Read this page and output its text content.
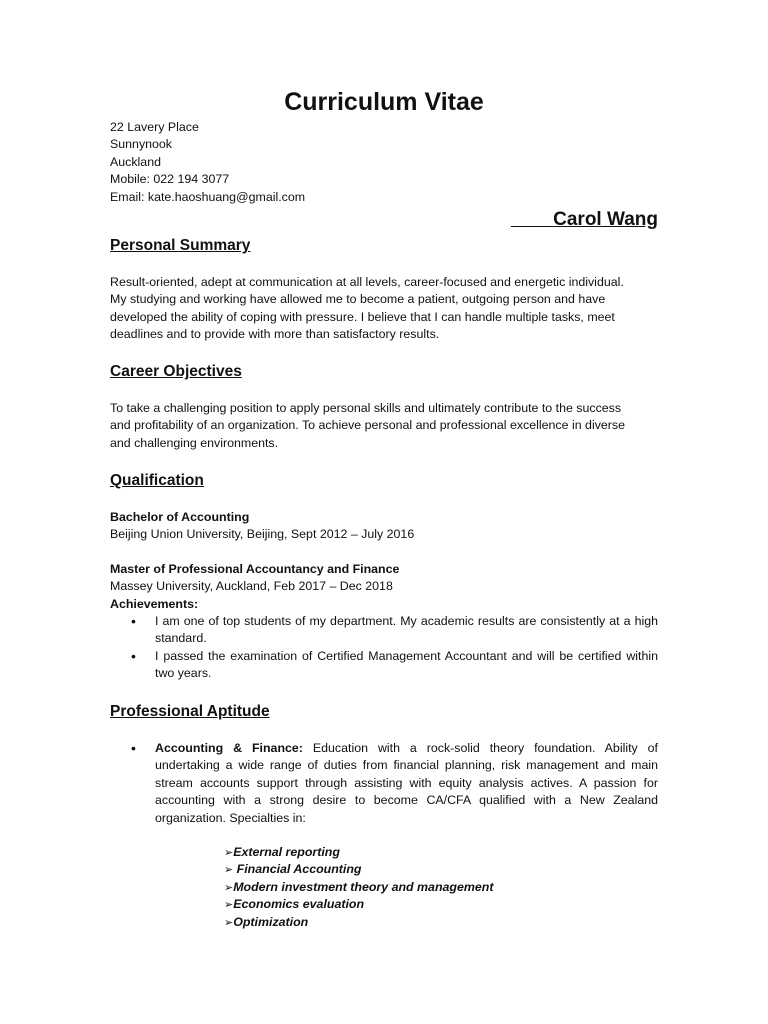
Curriculum Vitae
22 Lavery Place
Sunnynook
Auckland
Mobile: 022 194 3077
Email: kate.haoshuang@gmail.com
Carol Wang
Personal Summary
Result-oriented, adept at communication at all levels, career-focused and energetic individual.
My studying and working have allowed me to become a patient, outgoing person and have
developed the ability of coping with pressure. I believe that I can handle multiple tasks, meet
deadlines and to provide with more than satisfactory results.
Career Objectives
To take a challenging position to apply personal skills and ultimately contribute to the success
and profitability of an organization. To achieve personal and professional excellence in diverse
and challenging environments.
Qualification
Bachelor of Accounting
Beijing Union University, Beijing, Sept 2012 – July 2016
Master of Professional Accountancy and Finance
Massey University, Auckland, Feb 2017 – Dec 2018
Achievements:
• I am one of top students of my department. My academic results are consistently at a high standard.
• I passed the examination of Certified Management Accountant and will be certified within two years.
Professional Aptitude
• Accounting & Finance: Education with a rock-solid theory foundation. Ability of undertaking a wide range of duties from financial planning, risk management and main stream accounts support through assisting with equity analysis actives. A passion for accounting with a strong desire to become CA/CFA qualified with a New Zealand organization. Specialties in:
➢External reporting
➢ Financial Accounting
➢Modern investment theory and management
➢Economics evaluation
➢Optimization
